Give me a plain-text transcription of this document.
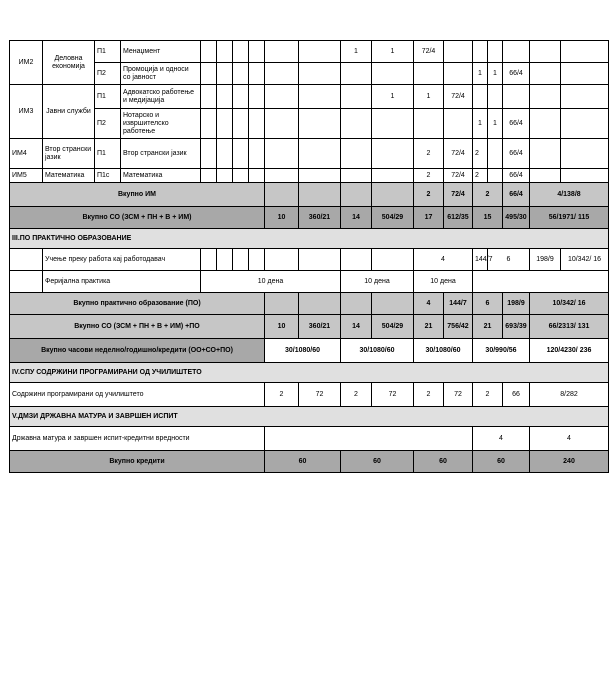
ИМ2	Деловна економија	П1	Менаџмент							1	1	72/4						
		П2	Промоција и односи со јавност											1	1	66/4		
ИМ3	Јавни служби	П1	Адвокатско работење и медијација								1	1	72/4					
		П2	Нотарско и извршителско работење											1	1	66/4		
ИМ4	Втор странски јазик	П1	Втор странски јазик									2	72/4	2		66/4		
ИМ5	Математика	П1с	Математика									2	72/4	2		66/4		
Вкупно ИМ												2	72/4	2		66/4	4/138/8	
Вкупно СО (ЗСМ + ПН + В + ИМ)								10	360/21	14	504/29	17	612/35	15		495/30	56/1971/ 115	
III.ПО ПРАКТИЧНО ОБРАЗОВАНИЕ																		
	Учење преку работа кај работодавач											4		144/7	6		198/9	10/342/ 16
	Феријална практика			10 дена						10 дена		10 дена						
Вкупно практично образование (ПО)												4	144/7	6		198/9	10/342/ 16	
Вкупно СО (ЗСМ + ПН + В + ИМ) +ПО								10	360/21	14	504/29	21	756/42	21		693/39	66/2313/ 131	
Вкупно часови неделно/годишно/кредити (ОО+СО+ПО)								30/1080/60		30/1080/60		30/1080/60		30/990/56			120/4230/ 236	
IV.СПУ СОДРЖИНИ ПРОГРАМИРАНИ ОД УЧИЛИШТЕТО																		
Содржини програмирани од училиштето								2	72	2	72	2	72	2		66	8/282	
V.ДМЗИ ДРЖАВНА МАТУРА И ЗАВРШЕН ИСПИТ																		
Државна матура и завршен испит-кредитни вредности														4			4	
Вкупно кредити								60		60		60		60			240	
